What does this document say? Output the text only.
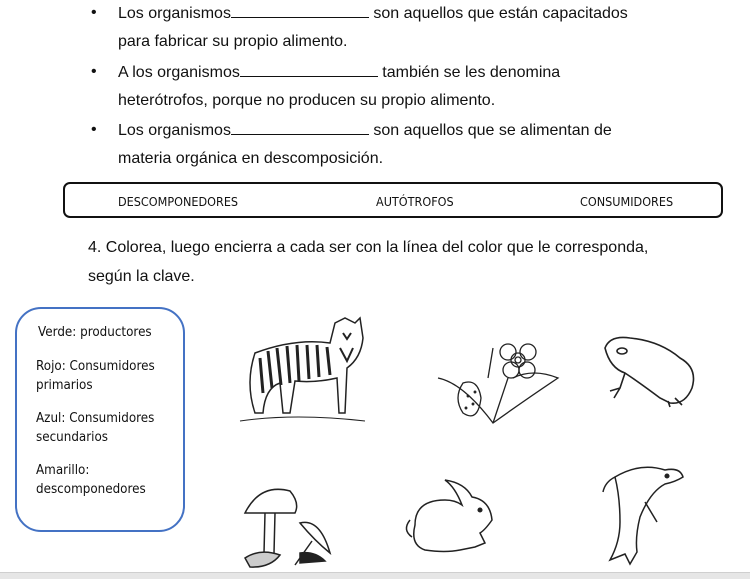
• Los organismos	son aquellos que están capacitados
para fabricar su propio alimento.
• A los organismos	también se les denomina
heterótrofos, porque no producen su propio alimento.
• Los organismos	son aquellos que se alimentan de
materia orgánica en descomposición.
DESCOMPONEDORES	AUTÓTROFOS	CONSUMIDORES
4. Colorea, luego encierra a cada ser con la línea del color que le corresponda,
según la clave.
Verde: productores
Rojo: Consumidores
primarios
Azul: Consumidores
secundarios
Amarillo:
descomponedores
